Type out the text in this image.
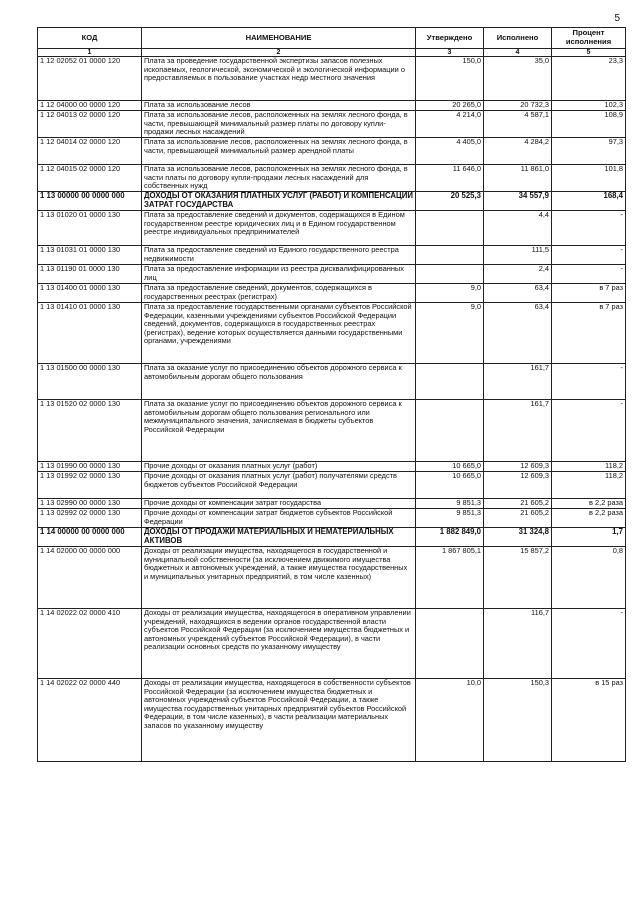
5
КОД	НАИМЕНОВАНИЕ	Утверждено	Исполнено	Процент исполнения
1	2	3	4	5
1 12 02052 01 0000 120	Плата за проведение государственной экспертизы запасов полезных ископаемых, геологической, экономической и экологической информации о предоставляемых в пользование участках недр местного значения	150,0	35,0	23,3
1 12 04000 00 0000 120	Плата за использование лесов	20 265,0	20 732,3	102,3
1 12 04013 02 0000 120	Плата за использование лесов, расположенных на землях лесного фонда, в части, превышающей минимальный размер платы по договору купли-продажи лесных насаждений	4 214,0	4 587,1	108,9
1 12 04014 02 0000 120	Плата за использование лесов, расположенных на землях лесного фонда, в части, превышающей минимальный размер арендной платы	4 405,0	4 284,2	97,3
1 12 04015 02 0000 120	Плата за использование лесов, расположенных на землях лесного фонда, в части платы по договору купли-продажи лесных насаждений для собственных нужд	11 646,0	11 861,0	101,8
1 13 00000 00 0000 000	ДОХОДЫ ОТ ОКАЗАНИЯ ПЛАТНЫХ УСЛУГ (РАБОТ) И КОМПЕНСАЦИИ ЗАТРАТ ГОСУДАРСТВА	20 525,3	34 557,9	168,4
1 13 01020 01 0000 130	Плата за предоставление сведений и документов, содержащихся в Едином государственном реестре юридических лиц и в Едином государственном реестре индивидуальных предпринимателей		4,4	-
1 13 01031 01 0000 130	Плата за предоставление сведений из Единого государственного реестра недвижимости		111,5	-
1 13 01190 01 0000 130	Плата за предоставление информации из реестра дисквалифицированных лиц		2,4	-
1 13 01400 01 0000 130	Плата за предоставление сведений, документов, содержащихся в государственных реестрах (регистрах)	9,0	63,4	в 7 раз
1 13 01410 01 0000 130	Плата за предоставление государственными органами субъектов Российской Федерации, казенными учреждениями субъектов Российской Федерации сведений, документов, содержащихся в государственных реестрах (регистрах), ведение которых осуществляется данными государственными органами, учреждениями	9,0	63,4	в 7 раз
1 13 01500 00 0000 130	Плата за оказание услуг по присоединению объектов дорожного сервиса к автомобильным дорогам общего пользования		161,7	-
1 13 01520 02 0000 130	Плата за оказание услуг по присоединению объектов дорожного сервиса к автомобильным дорогам общего пользования регионального или межмуниципального значения, зачисляемая в бюджеты субъектов Российской Федерации		161,7	-
1 13 01990 00 0000 130	Прочие доходы от оказания платных услуг (работ)	10 665,0	12 609,3	118,2
1 13 01992 02 0000 130	Прочие доходы от оказания платных услуг (работ) получателями средств бюджетов субъектов Российской Федерации	10 665,0	12 609,3	118,2
1 13 02990 00 0000 130	Прочие доходы от компенсации затрат государства	9 851,3	21 605,2	в 2,2 раза
1 13 02992 02 0000 130	Прочие доходы от компенсации затрат бюджетов субъектов Российской Федерации	9 851,3	21 605,2	в 2,2 раза
1 14 00000 00 0000 000	ДОХОДЫ ОТ ПРОДАЖИ МАТЕРИАЛЬНЫХ И НЕМАТЕРИАЛЬНЫХ АКТИВОВ	1 882 849,0	31 324,8	1,7
1 14 02000 00 0000 000	Доходы от реализации имущества, находящегося в государственной и муниципальной собственности (за исключением движимого имущества бюджетных и автономных учреждений, а также имущества государственных и муниципальных унитарных предприятий, в том числе казенных)	1 867 805,1	15 857,2	0,8
1 14 02022 02 0000 410	Доходы от реализации имущества, находящегося в оперативном управлении учреждений, находящихся в ведении органов государственной власти субъектов Российской Федерации (за исключением имущества бюджетных и автономных учреждений субъектов Российской Федерации), в части реализации основных средств по указанному имуществу		116,7	-
1 14 02022 02 0000 440	Доходы от реализации имущества, находящегося в собственности субъектов Российской Федерации (за исключением имущества бюджетных и автономных учреждений субъектов Российской Федерации, а также имущества государственных унитарных предприятий субъектов Российской Федерации, в том числе казенных), в части реализации материальных запасов по указанному имуществу	10,0	150,3	в 15 раз
